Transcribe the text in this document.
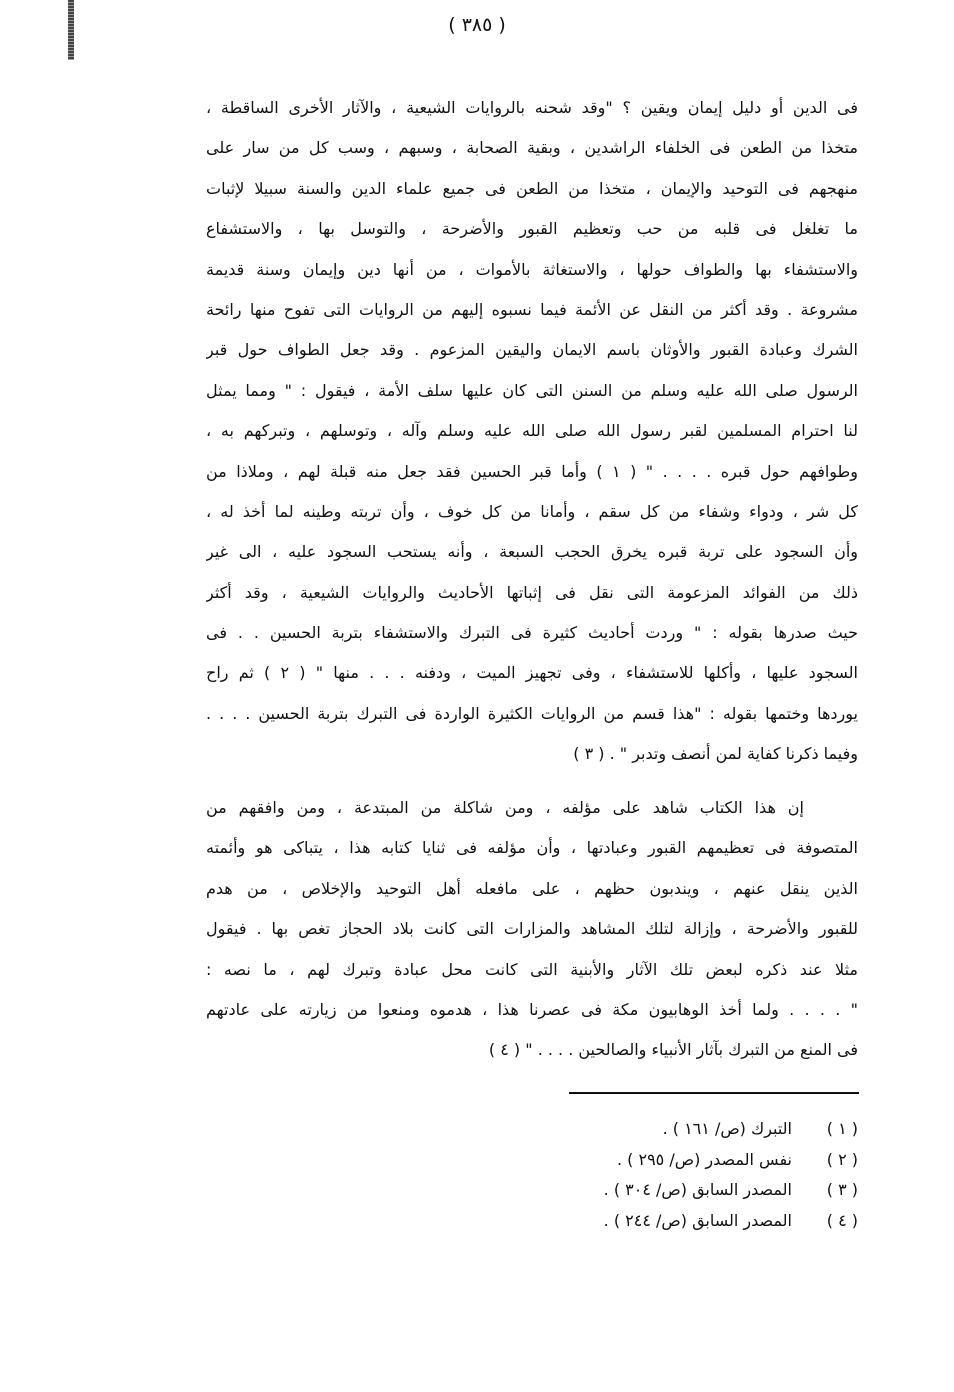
( ٣٨٥ )
فى الدين أو دليل إيمان ويقين ؟ "وقد شحنه بالروايات الشيعية ، والآثار الأخرى الساقطة ،
متخذا من الطعن فى الخلفاء الراشدين ، وبقية الصحابة ، وسبهم ، وسب كل من سار على
منهجهم فى التوحيد والإيمان ، متخذا من الطعن فى جميع علماء الدين والسنة سبيلا لإثبات
ما تغلغل فى قلبه من حب وتعظيم القبور والأضرحة ، والتوسل بها ، والاستشفاع
والاستشفاء بها والطواف حولها ، والاستغاثة بالأموات ، من أنها دين وإيمان وسنة قديمة
مشروعة . وقد أكثر من النقل عن الأئمة فيما نسبوه إليهم من الروايات التى تفوح منها رائحة
الشرك وعبادة القبور والأوثان باسم الايمان واليقين المزعوم . وقد جعل الطواف حول قبر
الرسول صلى الله عليه وسلم من السنن التى كان عليها سلف الأمة ، فيقول : " ومما يمثل
لنا احترام المسلمين لقبر رسول الله صلى الله عليه وسلم وآله ، وتوسلهم ، وتبركهم به ،
وطوافهم حول قبره . . . . " ( ١ ) وأما قبر الحسين فقد جعل منه قبلة لهم ، وملاذا من
كل شر ، ودواء وشفاء من كل سقم ، وأمانا من كل خوف ، وأن تربته وطينه لما أخذ له ،
وأن السجود على تربة قبره يخرق الحجب السبعة ، وأنه يستحب السجود عليه ، الى غير
ذلك من الفوائد المزعومة التى نقل فى إثباتها الأحاديث والروايات الشيعية ، وقد أكثر
حيث صدرها بقوله : " وردت أحاديث كثيرة فى التبرك والاستشفاء بتربة الحسين . . فى
السجود عليها ، وأكلها للاستشفاء ، وفى تجهيز الميت ، ودفنه . . . منها " ( ٢ ) ثم راح
يوردها وختمها بقوله : "هذا قسم من الروايات الكثيرة الواردة فى التبرك بتربة الحسين . . . .
وفيما ذكرنا كفاية لمن أنصف وتدبر " . ( ٣ )
إن هذا الكتاب شاهد على مؤلفه ، ومن شاكلة من المبتدعة ، ومن وافقهم من
المتصوفة فى تعظيمهم القبور وعبادتها ، وأن مؤلفه فى ثنايا كتابه هذا ، يتباكى هو وأئمته
الذين ينقل عنهم ، ويندبون حظهم ، على مافعله أهل التوحيد والإخلاص ، من هدم
للقبور والأضرحة ، وإزالة لتلك المشاهد والمزارات التى كانت بلاد الحجاز تغص بها . فيقول
مثلا عند ذكره لبعض تلك الآثار والأبنية التى كانت محل عبادة وتبرك لهم ، ما نصه :
" . . . . ولما أخذ الوهابيون مكة فى عصرنا هذا ، هدموه ومنعوا من زيارته على عادتهم
فى المنع من التبرك بآثار الأنبياء والصالحين . . . . " ( ٤ )
( ١ )
التبرك (ص/ ١٦١ ) .
( ٢ )
نفس المصدر (ص/ ٢٩٥ ) .
( ٣ )
المصدر السابق (ص/ ٣٠٤ ) .
( ٤ )
المصدر السابق (ص/ ٢٤٤ ) .
